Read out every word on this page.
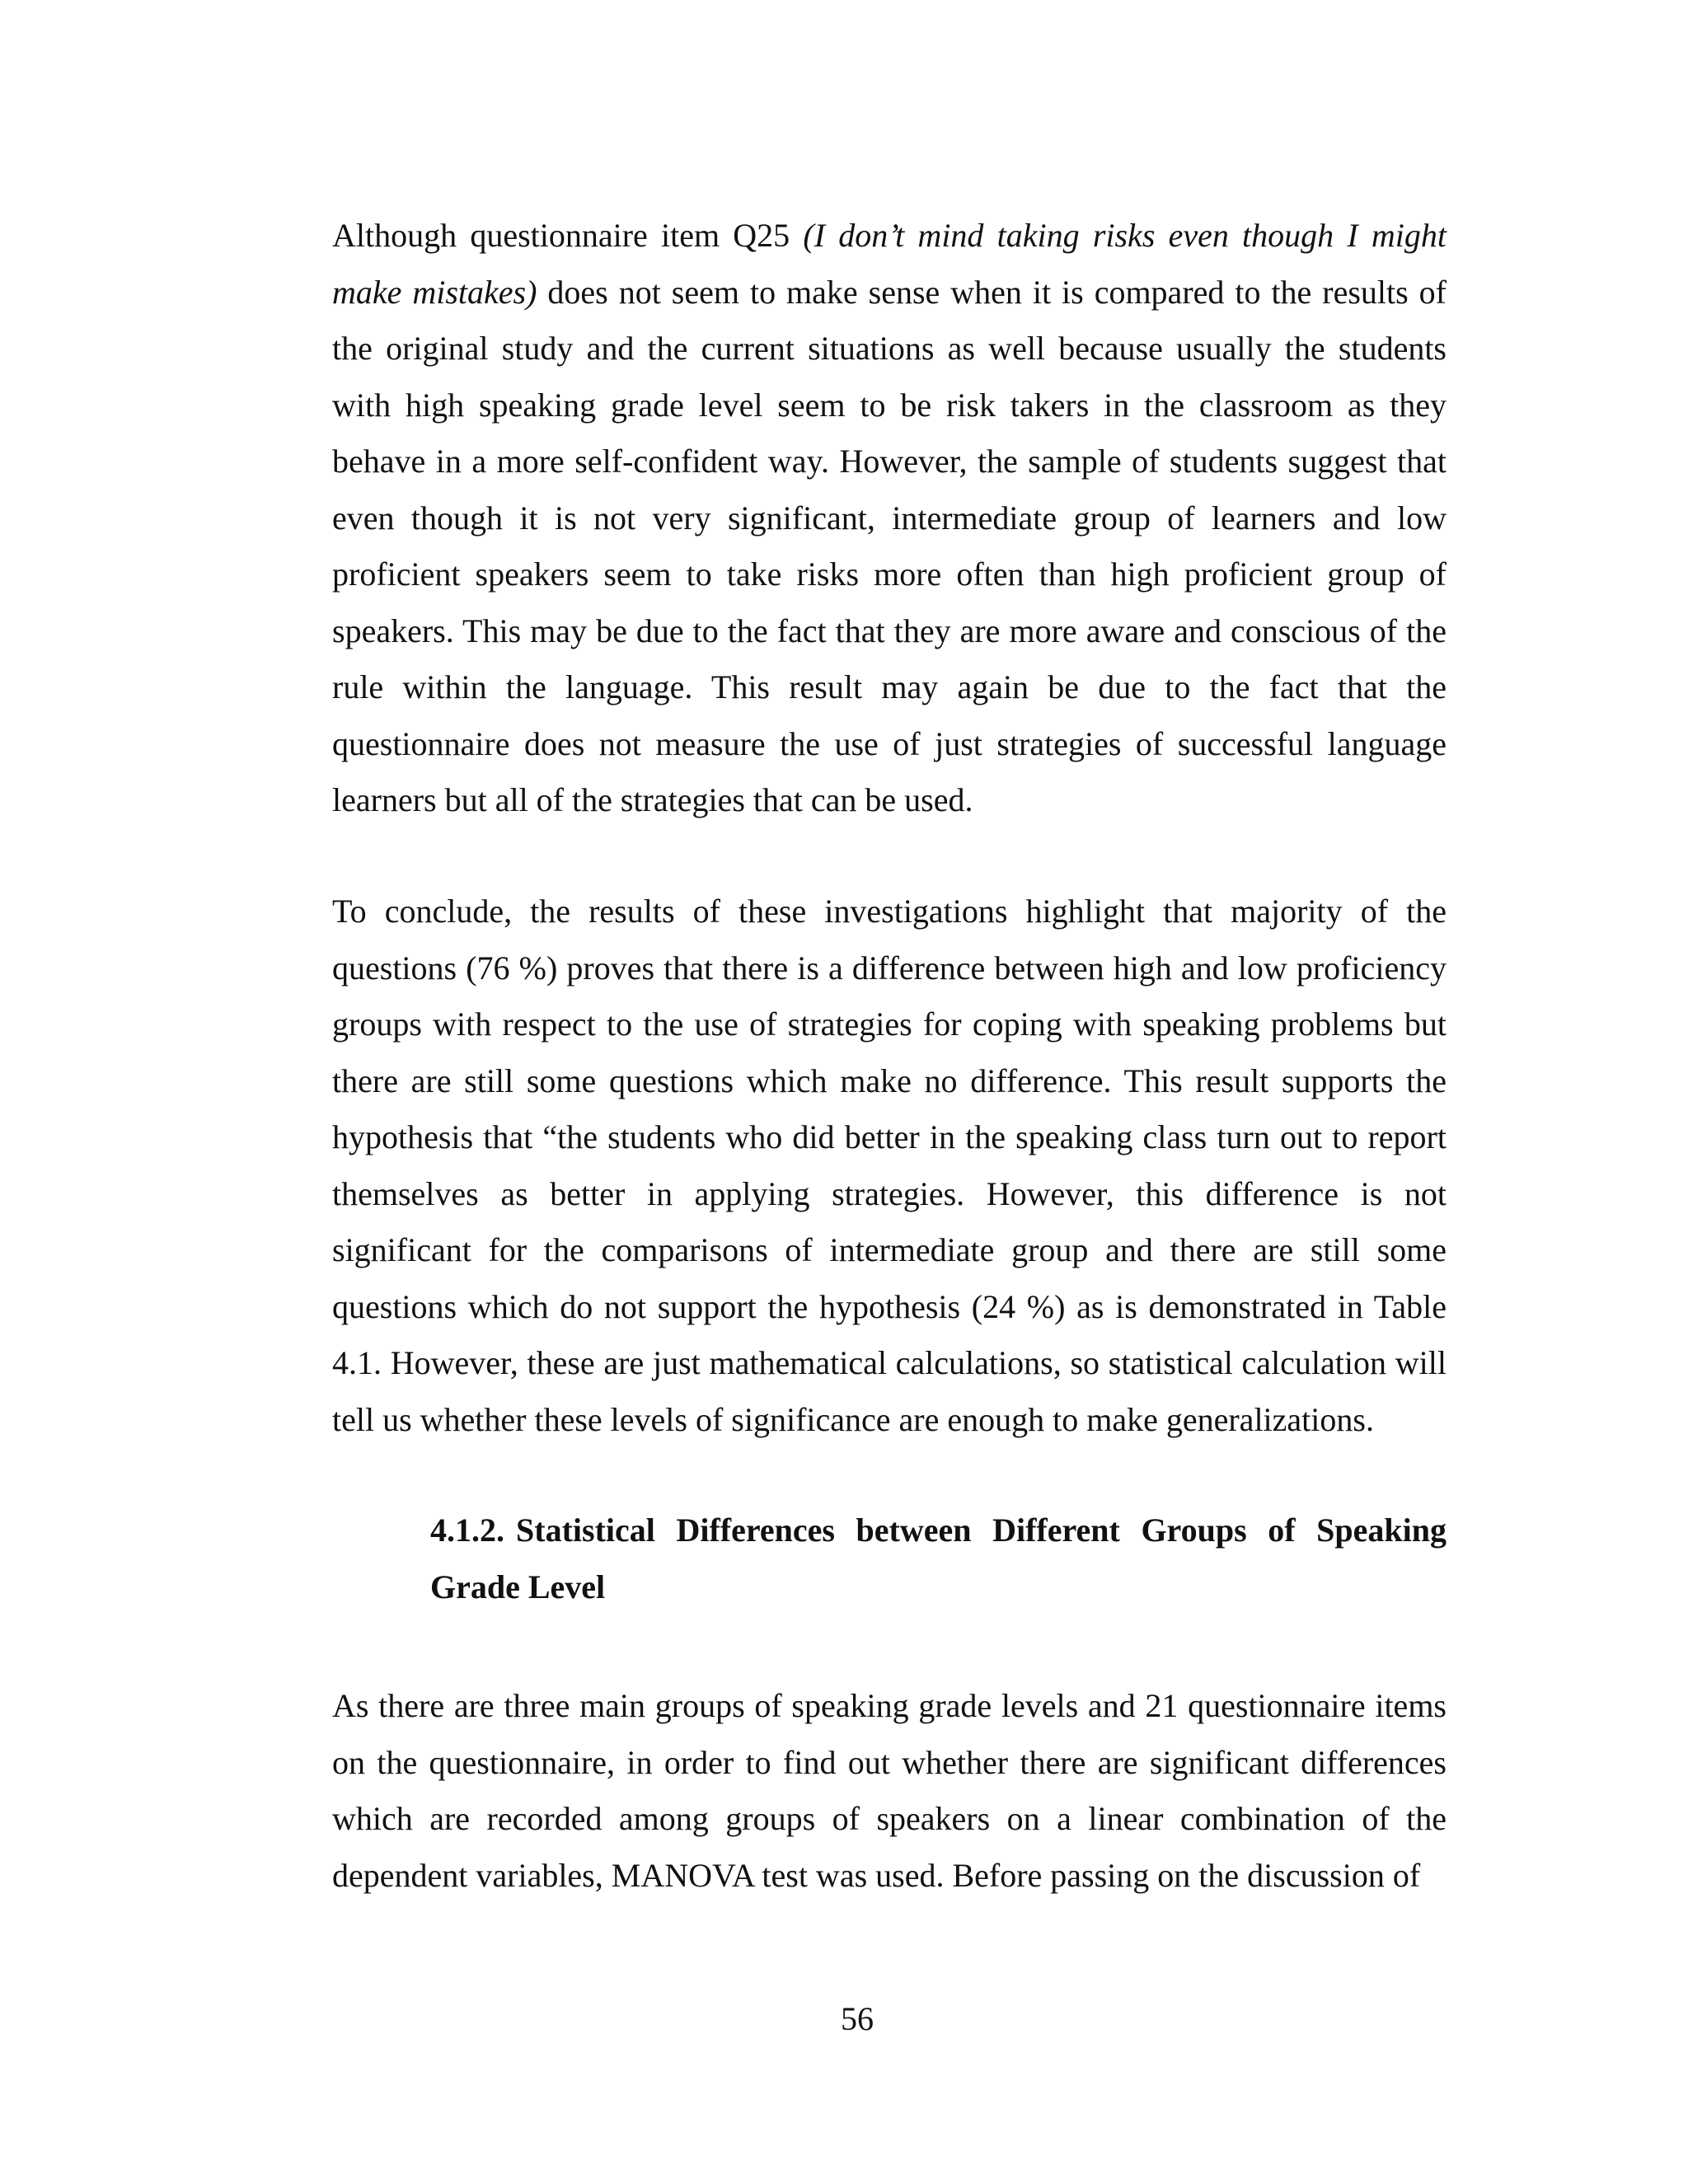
Although questionnaire item Q25 (I don’t mind taking risks even though I might make mistakes) does not seem to make sense when it is compared to the results of the original study and the current situations as well because usually the students with high speaking grade level seem to be risk takers in the classroom as they behave in a more self-confident way. However, the sample of students suggest that even though it is not very significant, intermediate group of learners and low proficient speakers seem to take risks more often than high proficient group of speakers. This may be due to the fact that they are more aware and conscious of the rule within the language. This result may again be due to the fact that the questionnaire does not measure the use of just strategies of successful language learners but all of the strategies that can be used.

To conclude, the results of these investigations highlight that majority of the questions (76 %) proves that there is a difference between high and low proficiency groups with respect to the use of strategies for coping with speaking problems but there are still some questions which make no difference. This result supports the hypothesis that “the students who did better in the speaking class turn out to report themselves as better in applying strategies. However, this difference is not significant for the comparisons of intermediate group and there are still some questions which do not support the hypothesis (24 %) as is demonstrated in Table 4.1. However, these are just mathematical calculations, so statistical calculation will tell us whether these levels of significance are enough to make generalizations.

4.1.2. Statistical Differences between Different Groups of Speaking Grade Level

As there are three main groups of speaking grade levels and 21 questionnaire items on the questionnaire, in order to find out whether there are significant differences which are recorded among groups of speakers on a linear combination of the dependent variables, MANOVA test was used. Before passing on the discussion of

56
